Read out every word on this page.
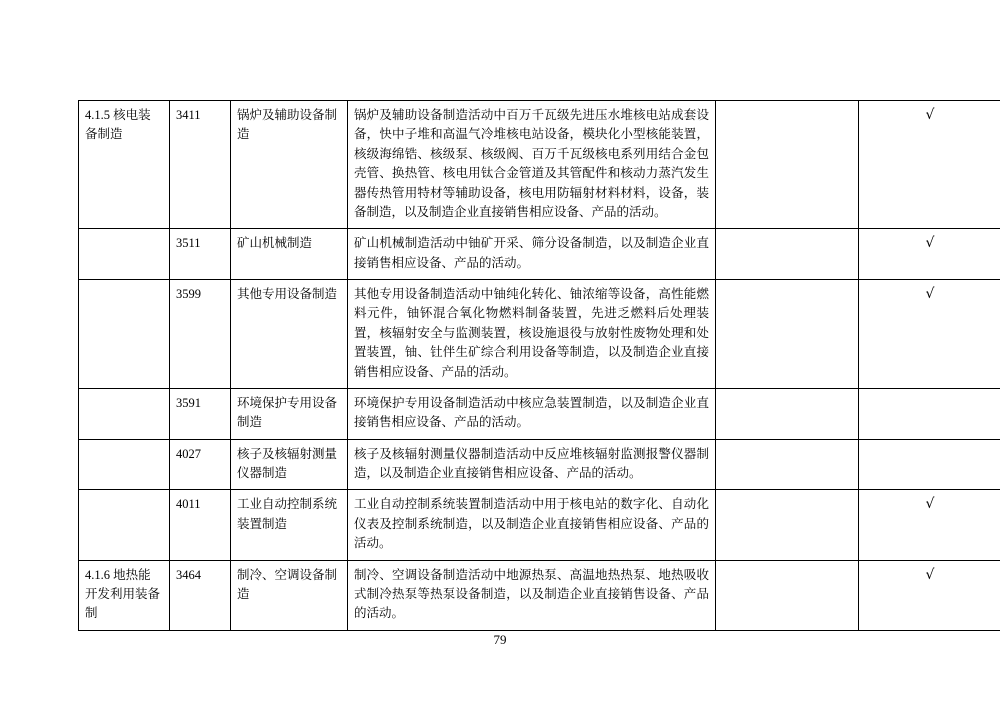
4.1.5 核电装备制造	3411	锅炉及辅助设备制造	锅炉及辅助设备制造活动中百万千瓦级先进压水堆核电站成套设备，快中子堆和高温气冷堆核电站设备，模块化小型核能装置，核级海绵锆、核级泵、核级阀、百万千瓦级核电系列用结合金包壳管、换热管、核电用钛合金管道及其管配件和核动力蒸汽发生器传热管用特材等辅助设备，核电用防辐射材料材料，设备，装备制造，以及制造企业直接销售相应设备、产品的活动。		√
	3511	矿山机械制造	矿山机械制造活动中铀矿开采、筛分设备制造，以及制造企业直接销售相应设备、产品的活动。		√
	3599	其他专用设备制造	其他专用设备制造活动中铀纯化转化、铀浓缩等设备，高性能燃料元件，铀钚混合氧化物燃料制备装置，先进乏燃料后处理装置，核辐射安全与监测装置，核设施退役与放射性废物处理和处置装置，铀、钍伴生矿综合利用设备等制造，以及制造企业直接销售相应设备、产品的活动。		√
	3591	环境保护专用设备制造	环境保护专用设备制造活动中核应急装置制造，以及制造企业直接销售相应设备、产品的活动。		
	4027	核子及核辐射测量仪器制造	核子及核辐射测量仪器制造活动中反应堆核辐射监测报警仪器制造，以及制造企业直接销售相应设备、产品的活动。		
	4011	工业自动控制系统装置制造	工业自动控制系统装置制造活动中用于核电站的数字化、自动化仪表及控制系统制造，以及制造企业直接销售相应设备、产品的活动。		√
4.1.6 地热能开发利用装备制	3464	制冷、空调设备制造	制冷、空调设备制造活动中地源热泵、高温地热热泵、地热吸收式制冷热泵等热泵设备制造，以及制造企业直接销售设备、产品的活动。		√
79
